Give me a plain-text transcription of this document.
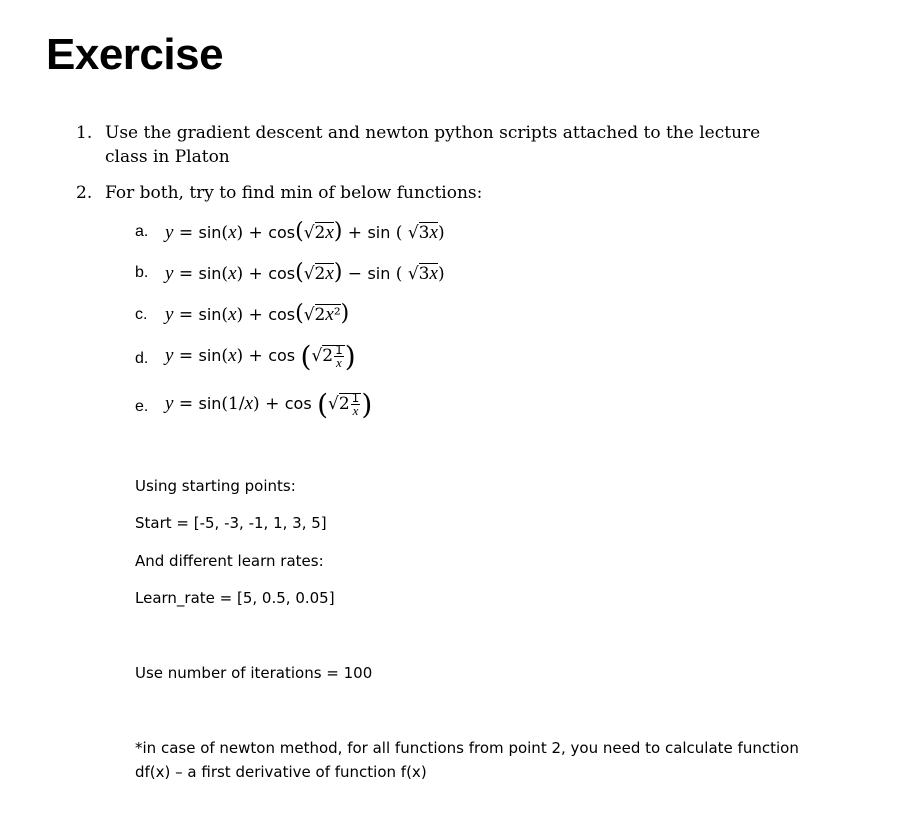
Exercise
1. Use the gradient descent and newton python scripts attached to the lecture class in Platon
2. For both, try to find min of below functions:
a. y = sin(x) + cos(√2x) + sin ( √3x)
b. y = sin(x) + cos(√2x) − sin ( √3x)
c. y = sin(x) + cos(√2x²)
d. $y = \sin(x) + \cos (√2 \frac{1}{x}$ )
e. $y = \sin(1/x) + \cos (√2 \frac{1}{x}$ )
Using starting points:
Start = [-5, -3, -1, 1, 3, 5]
And different learn rates:
Learn_rate = [5, 0.5, 0.05]
Use number of iterations = 100
*in case of newton method, for all functions from point 2, you need to calculate function df(x) – a first derivative of function f(x)
